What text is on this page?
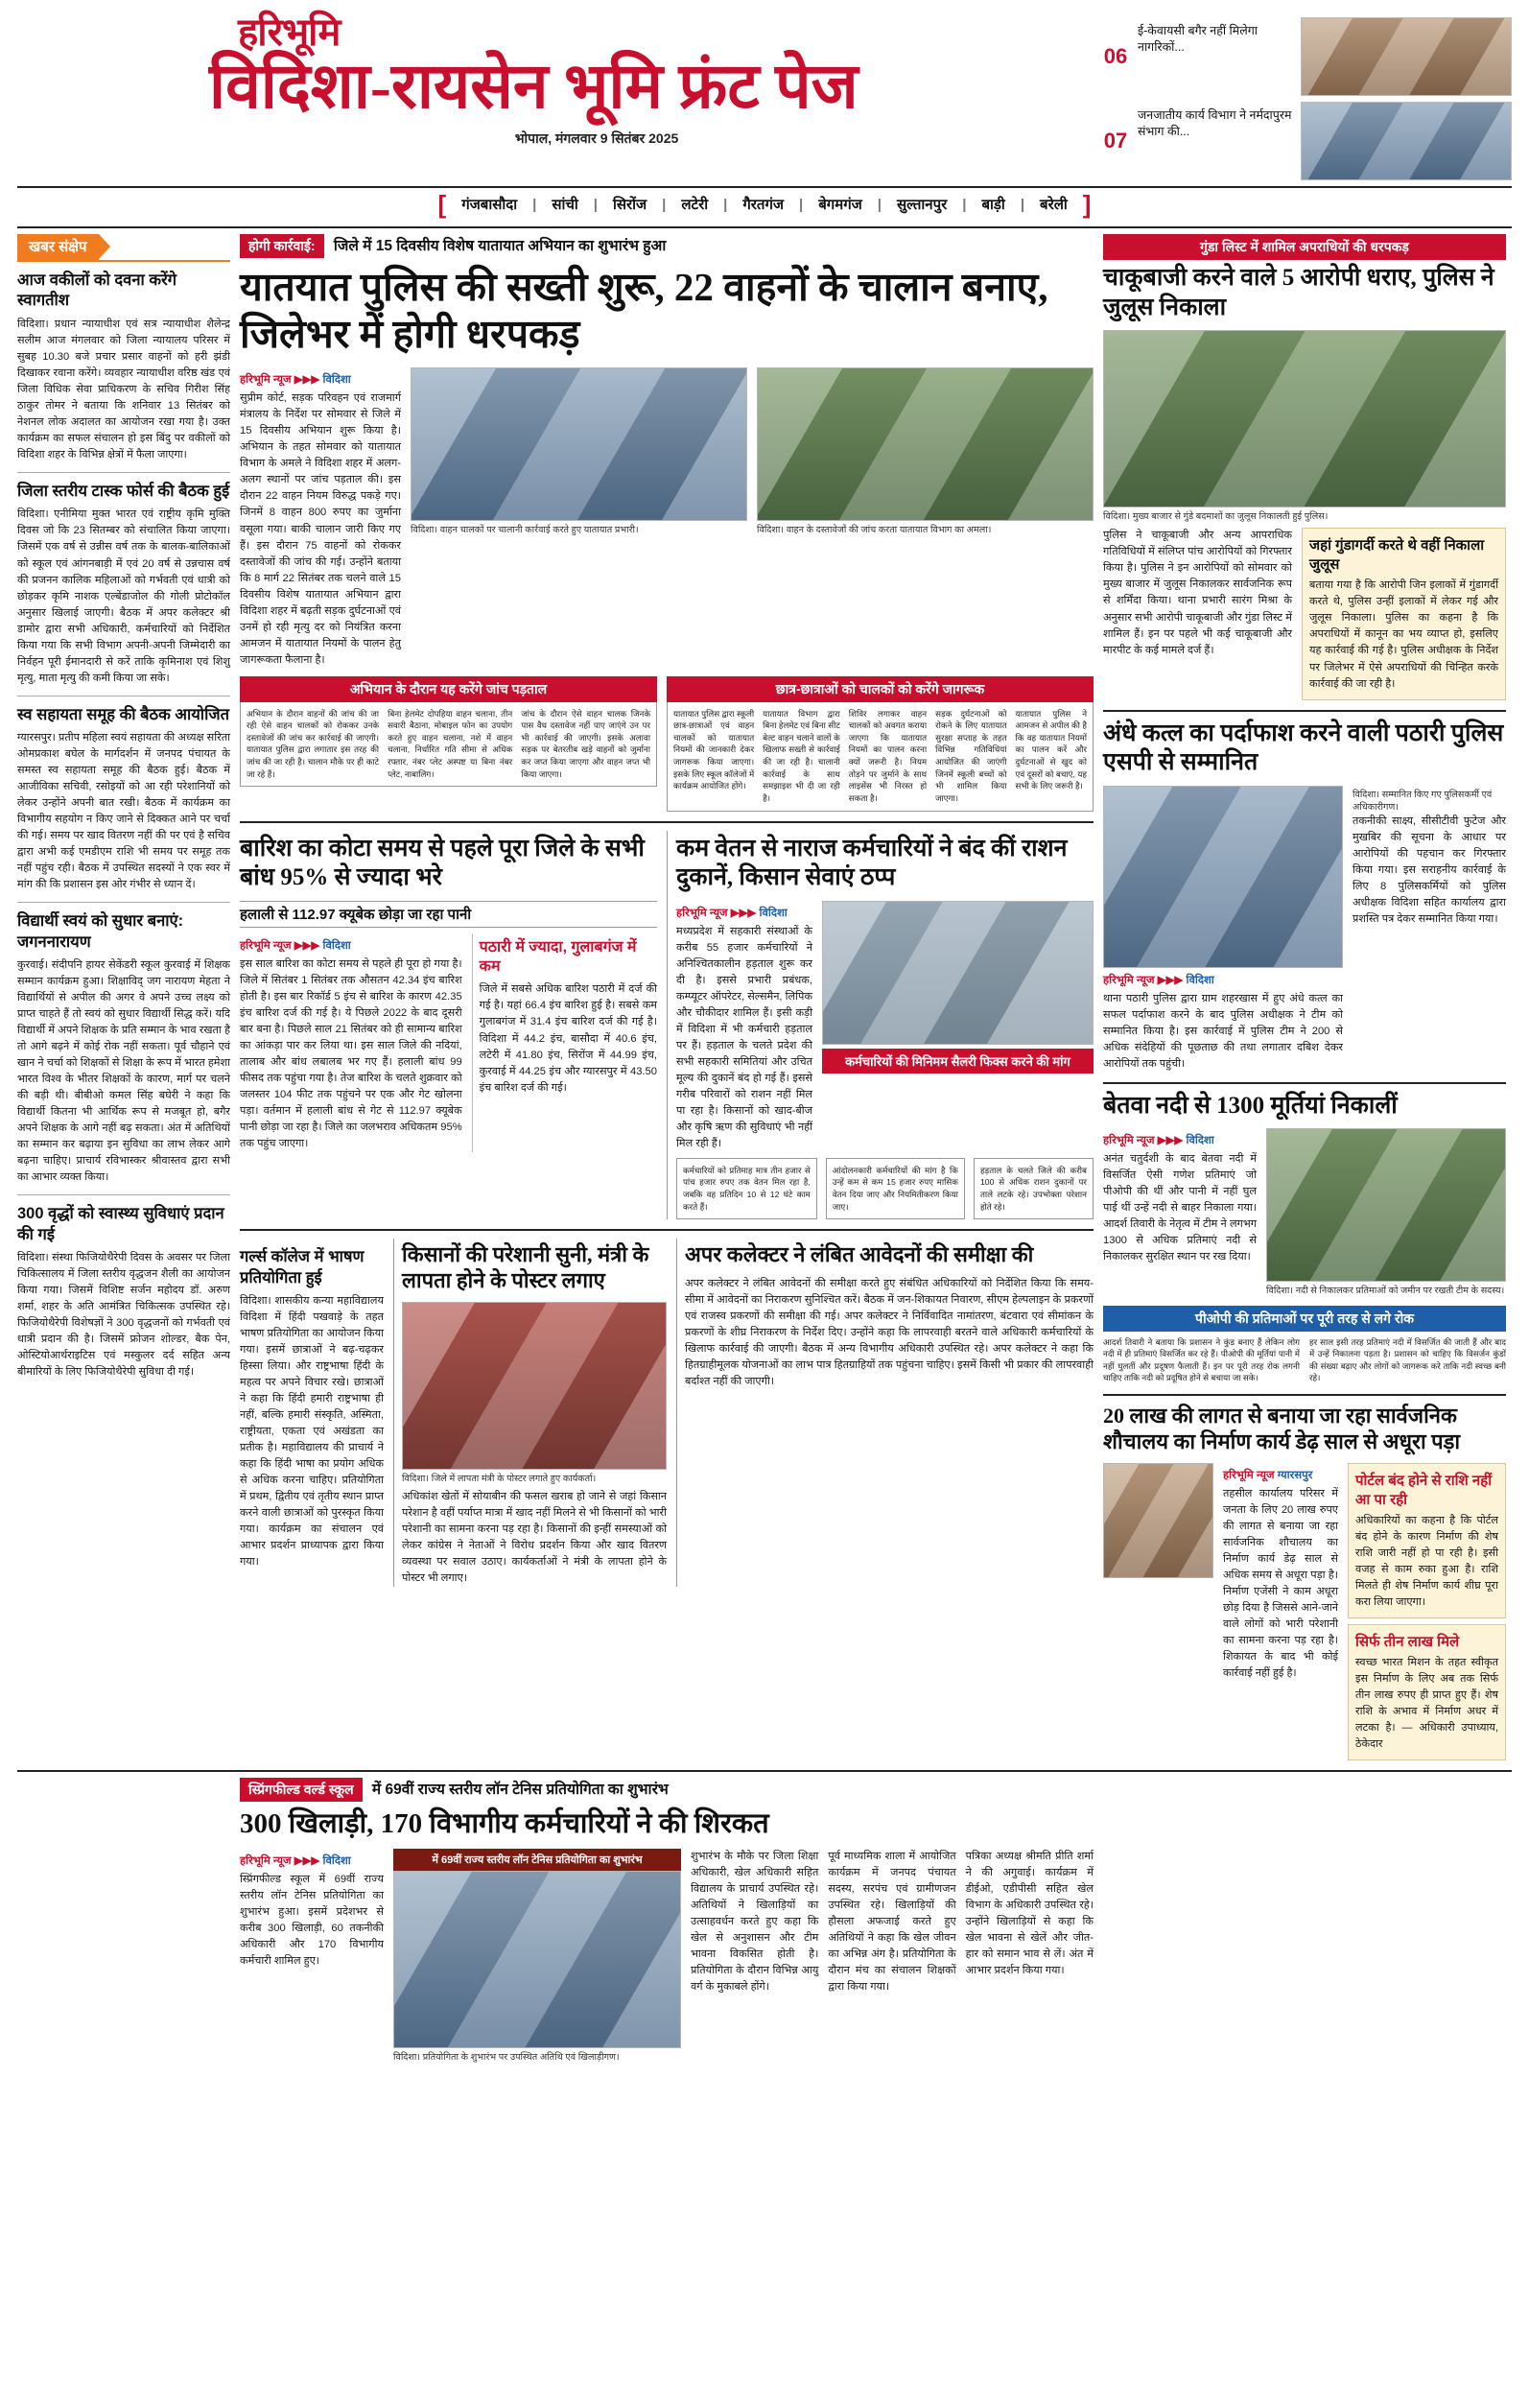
हरिभूमि
विदिशा-रायसेन भूमि फ्रंट पेज
भोपाल, मंगलवार 9 सितंबर 2025
06
ई-केवायसी बगैर नहीं मिलेगा नागरिकों...
07
जनजातीय कार्य विभाग ने नर्मदापुरम संभाग की...
[ गंजबासौदा | सांची | सिरोंज | लटेरी | गैरतगंज | बेगमगंज | सुल्तानपुर | बाड़ी | बरेली ]
खबर संक्षेप
आज वकीलों को दवना करेंगे स्वागतीश
विदिशा। प्रधान न्यायाधीश एवं सत्र न्यायाधीश शैलेन्द्र सलीम आज मंगलवार को जिला न्यायालय परिसर में सुबह 10.30 बजे प्रचार प्रसार वाहनों को हरी झंडी दिखाकर रवाना करेंगे। व्यवहार न्यायाधीश वरिष्ठ खंड एवं जिला विधिक सेवा प्राधिकरण के सचिव गिरीश सिंह ठाकुर तोमर ने बताया कि शनिवार 13 सितंबर को नेशनल लोक अदालत का आयोजन रखा गया है। उक्त कार्यक्रम का सफल संचालन हो इस बिंदु पर वकीलों को विदिशा शहर के विभिन्न क्षेत्रों में फैला जाएगा।
जिला स्तरीय टास्क फोर्स की बैठक हुई
विदिशा। एनीमिया मुक्त भारत एवं राष्ट्रीय कृमि मुक्ति दिवस जो कि 23 सितम्बर को संचालित किया जाएगा। जिसमें एक वर्ष से उन्नीस वर्ष तक के बालक-बालिकाओं को स्कूल एवं आंगनबाड़ी में एवं 20 वर्ष से उन्नचास वर्ष की प्रजनन कालिक महिलाओं को गर्भवती एवं धात्री को छोड़कर कृमि नाशक एल्बेंडाजोल की गोली प्रोटोकॉल अनुसार खिलाई जाएगी। बैठक में अपर कलेक्टर श्री डामोर द्वारा सभी अधिकारी, कर्मचारियों को निर्देशित किया गया कि सभी विभाग अपनी-अपनी जिम्मेदारी का निर्वहन पूरी ईमानदारी से करें ताकि कृमिनाश एवं शिशु मृत्यु, माता मृत्यु की कमी किया जा सके।
स्व सहायता समूह की बैठक आयोजित
ग्यारसपुर। प्रतीप महिला स्वयं सहायता की अध्यक्ष सरिता ओमप्रकाश बघेल के मार्गदर्शन में जनपद पंचायत के समस्त स्व सहायता समूह की बैठक हुई। बैठक में आजीविका सचिवी, रसोइयों को आ रही परेशानियों को लेकर उन्होंने अपनी बात रखी। बैठक में कार्यक्रम का विभागीय सहयोग न किए जाने से दिक्कत आने पर चर्चा की गई। समय पर खाद वितरण नहीं की पर एवं है सचिव द्वारा अभी कई एमडीएम राशि भी समय पर समूह तक नहीं पहुंच रही। बैठक में उपस्थित सदस्यों ने एक स्वर में मांग की कि प्रशासन इस ओर गंभीर से ध्यान दें।
विद्यार्थी स्वयं को सुधार बनाएं: जगननारायण
कुरवाई। संदीपनि हायर सेकेंडरी स्कूल कुरवाई में शिक्षक सम्मान कार्यक्रम हुआ। शिक्षाविद् जग नारायण मेहता ने विद्यार्थियों से अपील की अगर वे अपने उच्च लक्ष्य को प्राप्त चाहते हैं तो स्वयं को सुधार विद्यार्थी सिद्ध करें। यदि विद्यार्थी में अपने शिक्षक के प्रति सम्मान के भाव रखता है तो आगे बढ़ने में कोई रोक नहीं सकता। पूर्व चौहाने एवं खान ने चर्चा को शिक्षकों से शिक्षा के रूप में भारत हमेशा भारत विश्व के भीतर शिक्षकों के कारण, मार्ग पर चलने की बड़ी थी। बीबीओ कमल सिंह बघेरी ने कहा कि विद्यार्थी कितना भी आर्थिक रूप से मजबूत हो, बगैर अपने शिक्षक के आगे नहीं बढ़ सकता। अंत में अतिथियों का सम्मान कर बढ़ाया इन सुविधा का लाभ लेकर आगे बढ़ना चाहिए। प्राचार्य रविभास्कर श्रीवास्तव द्वारा सभी का आभार व्यक्त किया।
300 वृद्धों को स्वास्थ्य सुविधाएं प्रदान की गई
विदिशा। संस्था फिजियोथैरेपी दिवस के अवसर पर जिला चिकित्सालय में जिला स्तरीय वृद्धजन शैली का आयोजन किया गया। जिसमें विशिष्ट सर्जन महोदय डॉ. अरुण शर्मा, शहर के अति आमंत्रित चिकित्सक उपस्थित रहे। फिजियोथैरेपी विशेषज्ञों ने 300 वृद्धजनों को गर्भवती एवं धात्री प्रदान की है। जिसमें फ्रोजन शोल्डर, बैक पेन, ओस्टियोआर्थराइटिस एवं मस्कुलर दर्द सहित अन्य बीमारियों के लिए फिजियोथैरेपी सुविधा दी गई।
होगी कार्रवाई: जिले में 15 दिवसीय विशेष यातायात अभियान का शुभारंभ हुआ
यातयात पुलिस की सख्ती शुरू, 22 वाहनों के चालान बनाए, जिलेभर में होगी धरपकड़
हरिभूमि न्यूज ▶▶▶ विदिशा
सुप्रीम कोर्ट, सड़क परिवहन एवं राजमार्ग मंत्रालय के निर्देश पर सोमवार से जिले में 15 दिवसीय अभियान शुरू किया है। अभियान के तहत सोमवार को यातायात विभाग के अमले ने विदिशा शहर में अलग-अलग स्थानों पर जांच पड़ताल की। इस दौरान 22 वाहन नियम विरुद्ध पकड़े गए। जिनमें 8 वाहन 800 रुपए का जुर्माना वसूला गया। बाकी चालान जारी किए गए हैं। इस दौरान 75 वाहनों को रोककर दस्तावेजों की जांच की गई। उन्होंने बताया कि 8 मार्ग 22 सितंबर तक चलने वाले 15 दिवसीय विशेष यातायात अभियान द्वारा विदिशा शहर में बढ़ती सड़क दुर्घटनाओं एवं उनमें हो रही मृत्यु दर को नियंत्रित करना आमजन में यातायात नियमों के पालन हेतु जागरूकता फैलाना है।
विदिशा। वाहन चालकों पर चालानी कार्रवाई करते हुए यातायात प्रभारी।	विदिशा। वाहन के दस्तावेजों की जांच करता यातायात विभाग का अमला।
अभियान के दौरान यह करेंगे जांच पड़ताल
अभियान के दौरान वाहनों की जांच की जा रही ऐसे वाहन चालकों को रोककर उनके दस्तावेजों की जांच कर कार्रवाई की जाएगी। यातायात पुलिस द्वारा लगातार इस तरह की जांच की जा रही है। चालान मौके पर ही काटे जा रहे हैं।
बिना हेलमेट दोपहिया वाहन चलाना, तीन सवारी बैठाना, मोबाइल फोन का उपयोग करते हुए वाहन चलाना, नशे में वाहन चलाना, निर्धारित गति सीमा से अधिक रफ्तार, नंबर प्लेट अस्पष्ट या बिना नंबर प्लेट, नाबालिग।
जांच के दौरान ऐसे वाहन चालक जिनके पास वैध दस्तावेज नहीं पाए जाएंगे उन पर भी कार्रवाई की जाएगी। इसके अलावा सड़क पर बेतरतीब खड़े वाहनों को जुर्माना कर जप्त किया जाएगा और वाहन जप्त भी किया जाएगा।
छात्र-छात्राओं को चालकों को करेंगे जागरूक
यातायात पुलिस द्वारा स्कूली छात्र-छात्राओं एवं वाहन चालकों को यातायात नियमों की जानकारी देकर जागरूक किया जाएगा। इसके लिए स्कूल कॉलेजों में कार्यक्रम आयोजित होंगे।
यातायात विभाग द्वारा बिना हेलमेट एवं बिना सीट बेल्ट वाहन चलाने वालों के खिलाफ सख्ती से कार्रवाई की जा रही है। चालानी कार्रवाई के साथ समझाइश भी दी जा रही है।
शिविर लगाकर वाहन चालकों को अवगत कराया जाएगा कि यातायात नियमों का पालन करना क्यों जरूरी है। नियम तोड़ने पर जुर्माने के साथ लाइसेंस भी निरस्त हो सकता है।
सड़क दुर्घटनाओं को रोकने के लिए यातायात सुरक्षा सप्ताह के तहत विभिन्न गतिविधियां आयोजित की जाएंगी जिनमें स्कूली बच्चों को भी शामिल किया जाएगा।
यातायात पुलिस ने आमजन से अपील की है कि वह यातायात नियमों का पालन करें और दुर्घटनाओं से खुद को एवं दूसरों को बचाएं, यह सभी के लिए जरूरी है।
बारिश का कोटा समय से पहले पूरा जिले के सभी बांध 95% से ज्यादा भरे
हलाली से 112.97 क्यूबेक छोड़ा जा रहा पानी
हरिभूमि न्यूज ▶▶▶ विदिशा
इस साल बारिश का कोटा समय से पहले ही पूरा हो गया है। जिले में सितंबर 1 सितंबर तक औसतन 42.34 इंच बारिश होती है। इस बार रिकॉर्ड 5 इंच से बारिश के कारण 42.35 इंच बारिश दर्ज की गई है। ये पिछले 2022 के बाद दूसरी बार बना है। पिछले साल 21 सितंबर को ही सामान्य बारिश का आंकड़ा पार कर लिया था। इस साल जिले की नदियां, तालाब और बांध लबालब भर गए हैं। हलाली बांध 99 फीसद तक पहुंचा गया है। तेज बारिश के चलते शुक्रवार को जलस्तर 104 फीट तक पहुंचने पर एक और गेट खोलना पड़ा। वर्तमान में हलाली बांध से गेट से 112.97 क्यूबेक पानी छोड़ा जा रहा है। जिले का जलभराव अधिकतम 95% तक पहुंच जाएगा।
पठारी में ज्यादा, गुलाबगंज में कम
जिले में सबसे अधिक बारिश पठारी में दर्ज की गई है। यहां 66.4 इंच बारिश हुई है। सबसे कम गुलाबगंज में 31.4 इंच बारिश दर्ज की गई है। विदिशा में 44.2 इंच, बासौदा में 40.6 इंच, लटेरी में 41.80 इंच, सिरोंज में 44.99 इंच, कुरवाई में 44.25 इंच और ग्यारसपुर में 43.50 इंच बारिश दर्ज की गई।
कम वेतन से नाराज कर्मचारियों ने बंद कीं राशन दुकानें, किसान सेवाएं ठप्प
हरिभूमि न्यूज ▶▶▶ विदिशा
मध्यप्रदेश में सहकारी संस्थाओं के करीब 55 हजार कर्मचारियों ने अनिश्चितकालीन हड़ताल शुरू कर दी है। इससे प्रभारी प्रबंधक, कम्प्यूटर ऑपरेटर, सेल्समैन, लिपिक और चौकीदार शामिल हैं। इसी कड़ी में विदिशा में भी कर्मचारी हड़ताल पर हैं। हड़ताल के चलते प्रदेश की सभी सहकारी समितियां और उचित मूल्य की दुकानें बंद हो गई हैं। इससे गरीब परिवारों को राशन नहीं मिल पा रहा है। किसानों को खाद-बीज और कृषि ऋण की सुविधाएं भी नहीं मिल रही हैं।
कर्मचारियों की मिनिमम सैलरी फिक्स करने की मांग
कर्मचारियों को प्रतिमाह मात्र तीन हजार से पांच हजार रुपए तक वेतन मिल रहा है, जबकि वह प्रतिदिन 10 से 12 घंटे काम करते हैं।
आंदोलनकारी कर्मचारियों की मांग है कि उन्हें कम से कम 15 हजार रुपए मासिक वेतन दिया जाए और नियमितीकरण किया जाए।
हड़ताल के चलते जिले की करीब 100 से अधिक राशन दुकानों पर ताले लटके रहे। उपभोक्ता परेशान होते रहे।
गर्ल्स कॉलेज में भाषण प्रतियोगिता हुई
विदिशा। शासकीय कन्या महाविद्यालय विदिशा में हिंदी पखवाड़े के तहत भाषण प्रतियोगिता का आयोजन किया गया। इसमें छात्राओं ने बढ़-चढ़कर हिस्सा लिया। और राष्ट्रभाषा हिंदी के महत्व पर अपने विचार रखे। छात्राओं ने कहा कि हिंदी हमारी राष्ट्रभाषा ही नहीं, बल्कि हमारी संस्कृति, अस्मिता, राष्ट्रीयता, एकता एवं अखंडता का प्रतीक है। महाविद्यालय की प्राचार्य ने कहा कि हिंदी भाषा का प्रयोग अधिक से अधिक करना चाहिए। प्रतियोगिता में प्रथम, द्वितीय एवं तृतीय स्थान प्राप्त करने वाली छात्राओं को पुरस्कृत किया गया। कार्यक्रम का संचालन एवं आभार प्रदर्शन प्राध्यापक द्वारा किया गया।
किसानों की परेशानी सुनी, मंत्री के लापता होने के पोस्टर लगाए
विदिशा। जिले में लापता मंत्री के पोस्टर लगाते हुए कार्यकर्ता।
अधिकांश खेतों में सोयाबीन की फसल खराब हो जाने से जहां किसान परेशान है वहीं पर्याप्त मात्रा में खाद नहीं मिलने से भी किसानों को भारी परेशानी का सामना करना पड़ रहा है। किसानों की इन्हीं समस्याओं को लेकर कांग्रेस ने नेताओं ने विरोध प्रदर्शन किया और खाद वितरण व्यवस्था पर सवाल उठाए। कार्यकर्ताओं ने मंत्री के लापता होने के पोस्टर भी लगाए।
अपर कलेक्टर ने लंबित आवेदनों की समीक्षा की
अपर कलेक्टर ने लंबित आवेदनों की समीक्षा करते हुए संबंधित अधिकारियों को निर्देशित किया कि समय-सीमा में आवेदनों का निराकरण सुनिश्चित करें। बैठक में जन-शिकायत निवारण, सीएम हेल्पलाइन के प्रकरणों एवं राजस्व प्रकरणों की समीक्षा की गई। अपर कलेक्टर ने निर्विवादित नामांतरण, बंटवारा एवं सीमांकन के प्रकरणों के शीघ्र निराकरण के निर्देश दिए। उन्होंने कहा कि लापरवाही बरतने वाले अधिकारी कर्मचारियों के खिलाफ कार्रवाई की जाएगी। बैठक में अन्य विभागीय अधिकारी उपस्थित रहे। अपर कलेक्टर ने कहा कि हितग्राहीमूलक योजनाओं का लाभ पात्र हितग्राहियों तक पहुंचना चाहिए। इसमें किसी भी प्रकार की लापरवाही बर्दाश्त नहीं की जाएगी।
गुंडा लिस्ट में शामिल अपराधियों की धरपकड़
चाकूबाजी करने वाले 5 आरोपी धराए, पुलिस ने जुलूस निकाला
विदिशा। मुख्य बाजार से गुंडे बदमाशों का जुलूस निकालती हुई पुलिस।
पुलिस ने चाकूबाजी और अन्य आपराधिक गतिविधियों में संलिप्त पांच आरोपियों को गिरफ्तार किया है। पुलिस ने इन आरोपियों को सोमवार को मुख्य बाजार में जुलूस निकालकर सार्वजनिक रूप से शर्मिंदा किया। थाना प्रभारी सारंग मिश्रा के अनुसार सभी आरोपी चाकूबाजी और गुंडा लिस्ट में शामिल हैं। इन पर पहले भी कई चाकूबाजी और मारपीट के कई मामले दर्ज हैं।
जहां गुंडागर्दी करते थे वहीं निकाला जुलूस
बताया गया है कि आरोपी जिन इलाकों में गुंडागर्दी करते थे, पुलिस उन्हीं इलाकों में लेकर गई और जुलूस निकाला। पुलिस का कहना है कि अपराधियों में कानून का भय व्याप्त हो, इसलिए यह कार्रवाई की गई है। पुलिस अधीक्षक के निर्देश पर जिलेभर में ऐसे अपराधियों की चिन्हित करके कार्रवाई की जा रही है।
अंधे कत्ल का पर्दाफाश करने वाली पठारी पुलिस एसपी से सम्मानित
हरिभूमि न्यूज ▶▶▶ विदिशा
थाना पठारी पुलिस द्वारा ग्राम शहरखास में हुए अंधे कत्ल का सफल पर्दाफाश करने के बाद पुलिस अधीक्षक ने टीम को सम्मानित किया है। इस कार्रवाई में पुलिस टीम ने 200 से अधिक संदेहियों की पूछताछ की तथा लगातार दबिश देकर आरोपियों तक पहुंची।
विदिशा। सम्मानित किए गए पुलिसकर्मी एवं अधिकारीगण।
तकनीकी साक्ष्य, सीसीटीवी फुटेज और मुखबिर की सूचना के आधार पर आरोपियों की पहचान कर गिरफ्तार किया गया। इस सराहनीय कार्रवाई के लिए 8 पुलिसकर्मियों को पुलिस अधीक्षक विदिशा सहित कार्यालय द्वारा प्रशस्ति पत्र देकर सम्मानित किया गया।
बेतवा नदी से 1300 मूर्तियां निकालीं
हरिभूमि न्यूज ▶▶▶ विदिशा
अनंत चतुर्दशी के बाद बेतवा नदी में विसर्जित ऐसी गणेश प्रतिमाएं जो पीओपी की थीं और पानी में नहीं घुल पाई थीं उन्हें नदी से बाहर निकाला गया। आदर्श तिवारी के नेतृत्व में टीम ने लगभग 1300 से अधिक प्रतिमाएं नदी से निकालकर सुरक्षित स्थान पर रख दिया।
विदिशा। नदी से निकालकर प्रतिमाओं को जमीन पर रखती टीम के सदस्य।
पीओपी की प्रतिमाओं पर पूरी तरह से लगे रोक
आदर्श तिवारी ने बताया कि प्रशासन ने कुंड बनाए हैं लेकिन लोग नदी में ही प्रतिमाएं विसर्जित कर रहे हैं। पीओपी की मूर्तियां पानी में नहीं घुलतीं और प्रदूषण फैलाती हैं। इन पर पूरी तरह रोक लगनी चाहिए ताकि नदी को प्रदूषित होने से बचाया जा सके।
हर साल इसी तरह प्रतिमाएं नदी में विसर्जित की जाती हैं और बाद में उन्हें निकालना पड़ता है। प्रशासन को चाहिए कि विसर्जन कुंडों की संख्या बढ़ाए और लोगों को जागरूक करे ताकि नदी स्वच्छ बनी रहे।
20 लाख की लागत से बनाया जा रहा सार्वजनिक शौचालय का निर्माण कार्य डेढ़ साल से अधूरा पड़ा
हरिभूमि न्यूज ग्यारसपुर
तहसील कार्यालय परिसर में जनता के लिए 20 लाख रुपए की लागत से बनाया जा रहा सार्वजनिक शौचालय का निर्माण कार्य डेढ़ साल से अधिक समय से अधूरा पड़ा है। निर्माण एजेंसी ने काम अधूरा छोड़ दिया है जिससे आने-जाने वाले लोगों को भारी परेशानी का सामना करना पड़ रहा है। शिकायत के बाद भी कोई कार्रवाई नहीं हुई है।
पोर्टल बंद होने से राशि नहीं आ पा रही
अधिकारियों का कहना है कि पोर्टल बंद होने के कारण निर्माण की शेष राशि जारी नहीं हो पा रही है। इसी वजह से काम रुका हुआ है। राशि मिलते ही शेष निर्माण कार्य शीघ्र पूरा करा लिया जाएगा।
सिर्फ तीन लाख मिले
स्वच्छ भारत मिशन के तहत स्वीकृत इस निर्माण के लिए अब तक सिर्फ तीन लाख रुपए ही प्राप्त हुए हैं। शेष राशि के अभाव में निर्माण अधर में लटका है। — अधिकारी उपाध्याय, ठेकेदार
स्प्रिंगफील्ड वर्ल्ड स्कूल में 69वीं राज्य स्तरीय लॉन टेनिस प्रतियोगिता का शुभारंभ
300 खिलाड़ी, 170 विभागीय कर्मचारियों ने की शिरकत
हरिभूमि न्यूज ▶▶▶ विदिशा
स्प्रिंगफील्ड स्कूल में 69वीं राज्य स्तरीय लॉन टेनिस प्रतियोगिता का शुभारंभ हुआ। इसमें प्रदेशभर से करीब 300 खिलाड़ी, 60 तकनीकी अधिकारी और 170 विभागीय कर्मचारी शामिल हुए।
में 69वीं राज्य स्तरीय लॉन टेनिस प्रतियोगिता का शुभारंभ
विदिशा। प्रतियोगिता के शुभारंभ पर उपस्थित अतिथि एवं खिलाड़ीगण।
शुभारंभ के मौके पर जिला शिक्षा अधिकारी, खेल अधिकारी सहित विद्यालय के प्राचार्य उपस्थित रहे। अतिथियों ने खिलाड़ियों का उत्साहवर्धन करते हुए कहा कि खेल से अनुशासन और टीम भावना विकसित होती है। प्रतियोगिता के दौरान विभिन्न आयु वर्ग के मुकाबले होंगे।
पूर्व माध्यमिक शाला में आयोजित कार्यक्रम में जनपद पंचायत सदस्य, सरपंच एवं ग्रामीणजन उपस्थित रहे। खिलाड़ियों की हौसला अफजाई करते हुए अतिथियों ने कहा कि खेल जीवन का अभिन्न अंग है। प्रतियोगिता के दौरान मंच का संचालन शिक्षकों द्वारा किया गया।
पत्रिका अध्यक्ष श्रीमति प्रीति शर्मा ने की अगुवाई। कार्यक्रम में डीईओ, एडीपीसी सहित खेल विभाग के अधिकारी उपस्थित रहे। उन्होंने खिलाड़ियों से कहा कि खेल भावना से खेलें और जीत-हार को समान भाव से लें। अंत में आभार प्रदर्शन किया गया।
